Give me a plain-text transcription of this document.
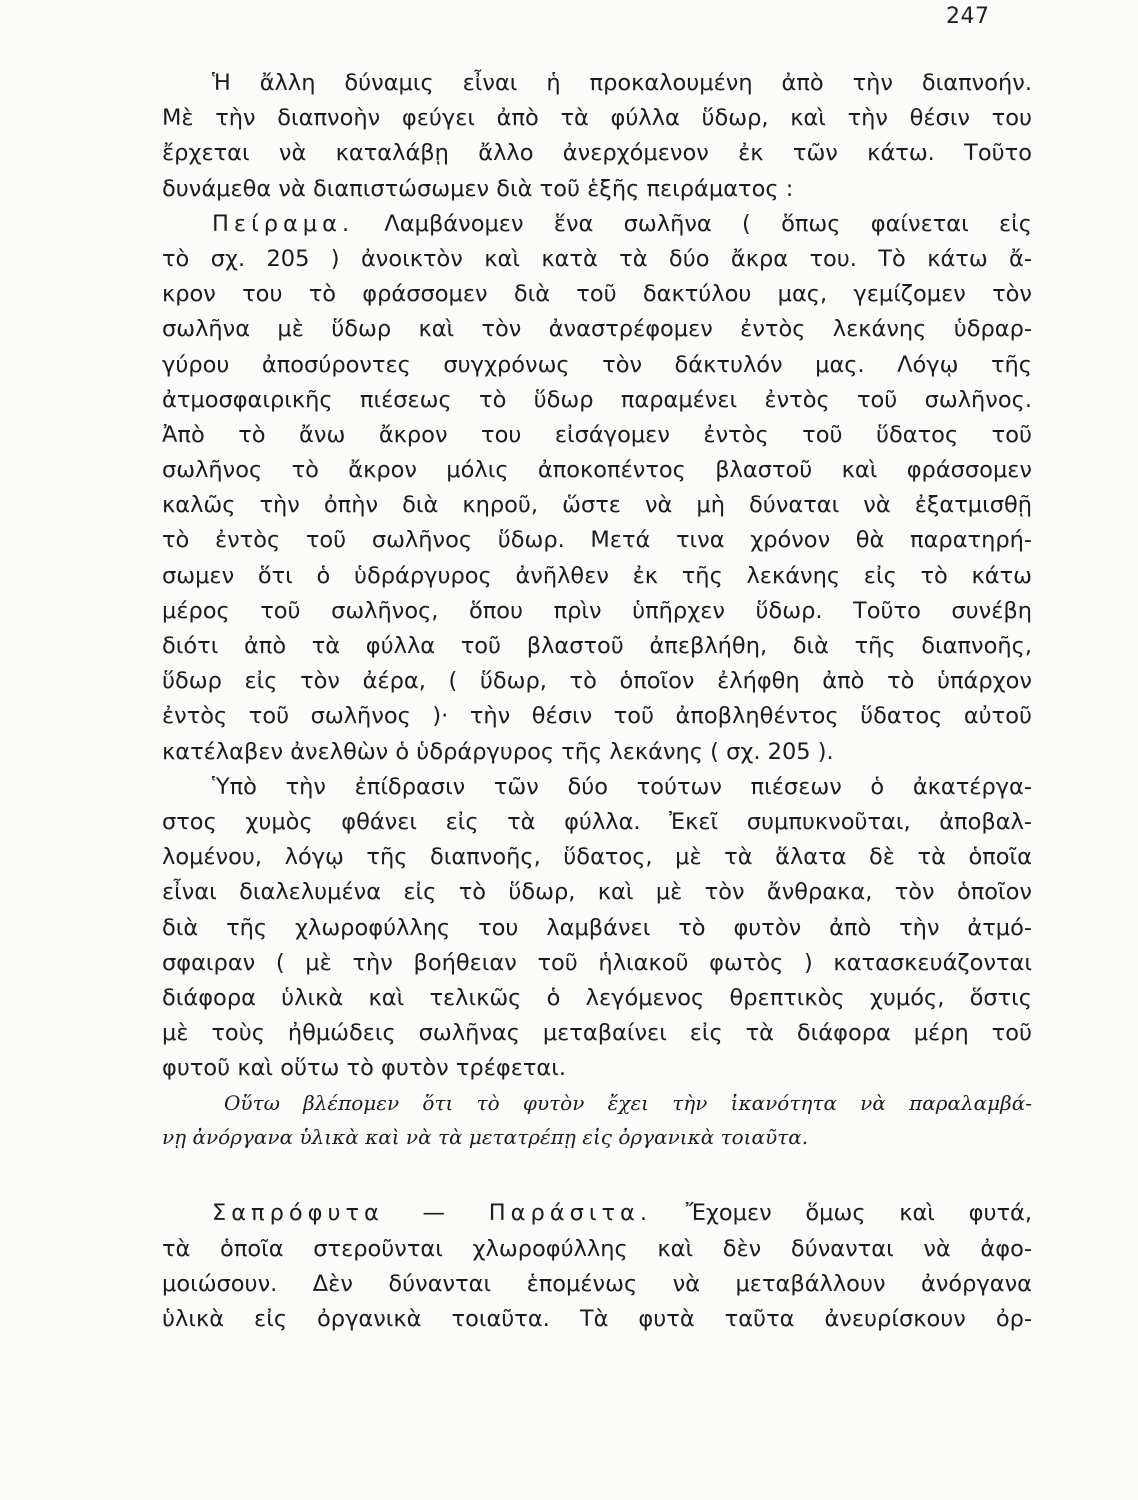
247
Ἡ ἄλλη δύναμις εἶναι ἡ προκαλουμένη ἀπὸ τὴν διαπνοήν.
Μὲ τὴν διαπνοὴν φεύγει ἀπὸ τὰ φύλλα ὕδωρ, καὶ τὴν θέσιν του
ἔρχεται νὰ καταλάβῃ ἄλλο ἀνερχόμενον ἐκ τῶν κάτω. Τοῦτο
δυνάμεθα νὰ διαπιστώσωμεν διὰ τοῦ ἑξῆς πειράματος :
Πείραμα. Λαμβάνομεν ἕνα σωλῆνα ( ὅπως φαίνεται εἰς
τὸ σχ. 205 ) ἀνοικτὸν καὶ κατὰ τὰ δύο ἄκρα του. Τὸ κάτω ἄ-
κρον του τὸ φράσσομεν διὰ τοῦ δακτύλου μας, γεμίζομεν τὸν
σωλῆνα μὲ ὕδωρ καὶ τὸν ἀναστρέφομεν ἐντὸς λεκάνης ὑδραρ-
γύρου ἀποσύροντες συγχρόνως τὸν δάκτυλόν μας. Λόγῳ τῆς
ἀτμοσφαιρικῆς πιέσεως τὸ ὕδωρ παραμένει ἐντὸς τοῦ σωλῆνος.
Ἀπὸ τὸ ἄνω ἄκρον του εἰσάγομεν ἐντὸς τοῦ ὕδατος τοῦ
σωλῆνος τὸ ἄκρον μόλις ἀποκοπέντος βλαστοῦ καὶ φράσσομεν
καλῶς τὴν ὀπὴν διὰ κηροῦ, ὥστε νὰ μὴ δύναται νὰ ἐξατμισθῇ
τὸ ἐντὸς τοῦ σωλῆνος ὕδωρ. Μετά τινα χρόνον θὰ παρατηρή-
σωμεν ὅτι ὁ ὑδράργυρος ἀνῆλθεν ἐκ τῆς λεκάνης εἰς τὸ κάτω
μέρος τοῦ σωλῆνος, ὅπου πρὶν ὑπῆρχεν ὕδωρ. Τοῦτο συνέβη
διότι ἀπὸ τὰ φύλλα τοῦ βλαστοῦ ἀπεβλήθη, διὰ τῆς διαπνοῆς,
ὕδωρ εἰς τὸν ἀέρα, ( ὕδωρ, τὸ ὁποῖον ἐλήφθη ἀπὸ τὸ ὑπάρχον
ἐντὸς τοῦ σωλῆνος )· τὴν θέσιν τοῦ ἀποβληθέντος ὕδατος αὐτοῦ
κατέλαβεν ἀνελθὼν ὁ ὑδράργυρος τῆς λεκάνης ( σχ. 205 ).
Ὑπὸ τὴν ἐπίδρασιν τῶν δύο τούτων πιέσεων ὁ ἀκατέργα-
στος χυμὸς φθάνει εἰς τὰ φύλλα. Ἐκεῖ συμπυκνοῦται, ἀποβαλ-
λομένου, λόγῳ τῆς διαπνοῆς, ὕδατος, μὲ τὰ ἅλατα δὲ τὰ ὁποῖα
εἶναι διαλελυμένα εἰς τὸ ὕδωρ, καὶ μὲ τὸν ἄνθρακα, τὸν ὁποῖον
διὰ τῆς χλωροφύλλης του λαμβάνει τὸ φυτὸν ἀπὸ τὴν ἀτμό-
σφαιραν ( μὲ τὴν βοήθειαν τοῦ ἡλιακοῦ φωτὸς ) κατασκευάζονται
διάφορα ὑλικὰ καὶ τελικῶς ὁ λεγόμενος θρεπτικὸς χυμός, ὅστις
μὲ τοὺς ἠθμώδεις σωλῆνας μεταβαίνει εἰς τὰ διάφορα μέρη τοῦ
φυτοῦ καὶ οὕτω τὸ φυτὸν τρέφεται.
Οὕτω βλέπομεν ὅτι τὸ φυτὸν ἔχει τὴν ἱκανότητα νὰ παραλαμβά-
νῃ ἀνόργανα ὑλικὰ καὶ νὰ τὰ μετατρέπῃ εἰς ὀργανικὰ τοιαῦτα.
Σαπρόφυτα — Παράσιτα. Ἔχομεν ὅμως καὶ φυτά,
τὰ ὁποῖα στεροῦνται χλωροφύλλης καὶ δὲν δύνανται νὰ ἀφο-
μοιώσουν. Δὲν δύνανται ἑπομένως νὰ μεταβάλλουν ἀνόργανα
ὑλικὰ εἰς ὀργανικὰ τοιαῦτα. Τὰ φυτὰ ταῦτα ἀνευρίσκουν ὀρ-
